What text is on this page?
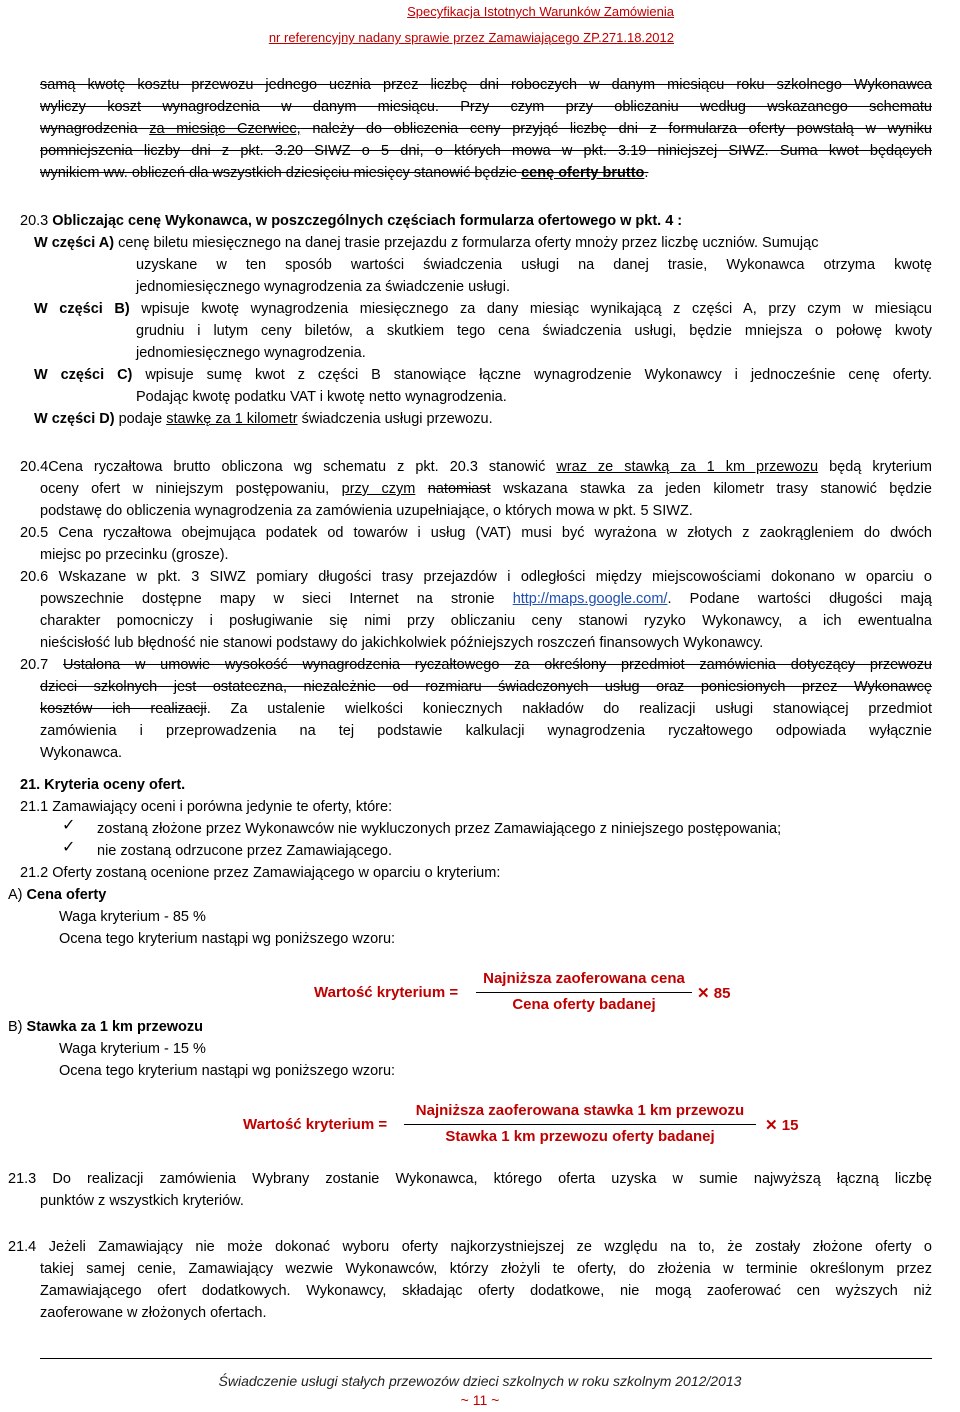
Specyfikacja Istotnych Warunków Zamówienia
nr referencyjny nadany sprawie przez Zamawiającego ZP.271.18.2012
samą kwotę kosztu przewozu jednego ucznia przez liczbę dni roboczych w danym miesiącu roku szkolnego Wykonawca
wyliczy koszt wynagrodzenia w danym miesiącu. Przy czym przy obliczaniu według wskazanego schematu
wynagrodzenia za miesiąc Czerwiec, należy do obliczenia ceny przyjąć liczbę dni z formularza oferty powstałą w wyniku
pomniejszenia liczby dni z pkt. 3.20 SIWZ o 5 dni, o których mowa w pkt. 3.19 niniejszej SIWZ. Suma kwot będących
wynikiem ww. obliczeń dla wszystkich dziesięciu miesięcy stanowić będzie cenę oferty brutto.
20.3 Obliczając cenę Wykonawca, w poszczególnych częściach formularza ofertowego w pkt. 4 :
W części A) cenę biletu miesięcznego na danej trasie przejazdu z formularza oferty mnoży przez liczbę uczniów. Sumując
uzyskane w ten sposób wartości świadczenia usługi na danej trasie, Wykonawca otrzyma kwotę
jednomiesięcznego wynagrodzenia za świadczenie usługi.
W części B) wpisuje kwotę wynagrodzenia miesięcznego za dany miesiąc wynikającą z części A, przy czym w miesiącu
grudniu i lutym ceny biletów, a skutkiem tego cena świadczenia usługi, będzie mniejsza o połowę kwoty
jednomiesięcznego wynagrodzenia.
W części C) wpisuje sumę kwot z części B stanowiące łączne wynagrodzenie Wykonawcy i jednocześnie cenę oferty.
Podając kwotę podatku VAT i kwotę netto wynagrodzenia.
W części D) podaje stawkę za 1 kilometr świadczenia usługi przewozu.
20.4Cena ryczałtowa brutto obliczona wg schematu z pkt. 20.3 stanowić wraz ze stawką za 1 km przewozu będą kryterium
oceny ofert w niniejszym postępowaniu, przy czym natomiast wskazana stawka za jeden kilometr trasy stanowić będzie
podstawę do obliczenia wynagrodzenia za zamówienia uzupełniające, o których mowa w pkt. 5 SIWZ.
20.5 Cena ryczałtowa obejmująca podatek od towarów i usług (VAT) musi być wyrażona w złotych z zaokrągleniem do dwóch
miejsc po przecinku (grosze).
20.6 Wskazane w pkt. 3 SIWZ pomiary długości trasy przejazdów i odległości między miejscowościami dokonano w oparciu o
powszechnie dostępne mapy w sieci Internet na stronie http://maps.google.com/. Podane wartości długości mają
charakter pomocniczy i posługiwanie się nimi przy obliczaniu ceny stanowi ryzyko Wykonawcy, a ich ewentualna
nieścisłość lub błędność nie stanowi podstawy do jakichkolwiek późniejszych roszczeń finansowych Wykonawcy.
20.7 Ustalona w umowie wysokość wynagrodzenia ryczałtowego za określony przedmiot zamówienia dotyczący przewozu
dzieci szkolnych jest ostateczna, niezależnie od rozmiaru świadczonych usług oraz poniesionych przez Wykonawcę
kosztów ich realizacji. Za ustalenie wielkości koniecznych nakładów do realizacji usługi stanowiącej przedmiot
zamówienia i przeprowadzenia na tej podstawie kalkulacji wynagrodzenia ryczałtowego odpowiada wyłącznie
Wykonawca.
21. Kryteria oceny ofert.
21.1 Zamawiający oceni i porówna jedynie te oferty, które:
✓ zostaną złożone przez Wykonawców nie wykluczonych przez Zamawiającego z niniejszego postępowania;
✓ nie zostaną odrzucone przez Zamawiającego.
21.2 Oferty zostaną ocenione przez Zamawiającego w oparciu o kryterium:
A) Cena oferty
Waga kryterium - 85 %
Ocena tego kryterium nastąpi wg poniższego wzoru:
Wartość kryterium =
Najniższa zaoferowana cena
Cena oferty badanej
✕ 85
B) Stawka za 1 km przewozu
Waga kryterium - 15 %
Ocena tego kryterium nastąpi wg poniższego wzoru:
Wartość kryterium =
Najniższa zaoferowana stawka 1 km przewozu
Stawka 1 km przewozu oferty badanej
✕ 15
21.3 Do realizacji zamówienia Wybrany zostanie Wykonawca, którego oferta uzyska w sumie najwyższą łączną liczbę
punktów z wszystkich kryteriów.
21.4 Jeżeli Zamawiający nie może dokonać wyboru oferty najkorzystniejszej ze względu na to, że zostały złożone oferty o
takiej samej cenie, Zamawiający wezwie Wykonawców, którzy złożyli te oferty, do złożenia w terminie określonym przez
Zamawiającego ofert dodatkowych. Wykonawcy, składając oferty dodatkowe, nie mogą zaoferować cen wyższych niż
zaoferowane w złożonych ofertach.
Świadczenie usługi stałych przewozów dzieci szkolnych w roku szkolnym 2012/2013
~ 11 ~
